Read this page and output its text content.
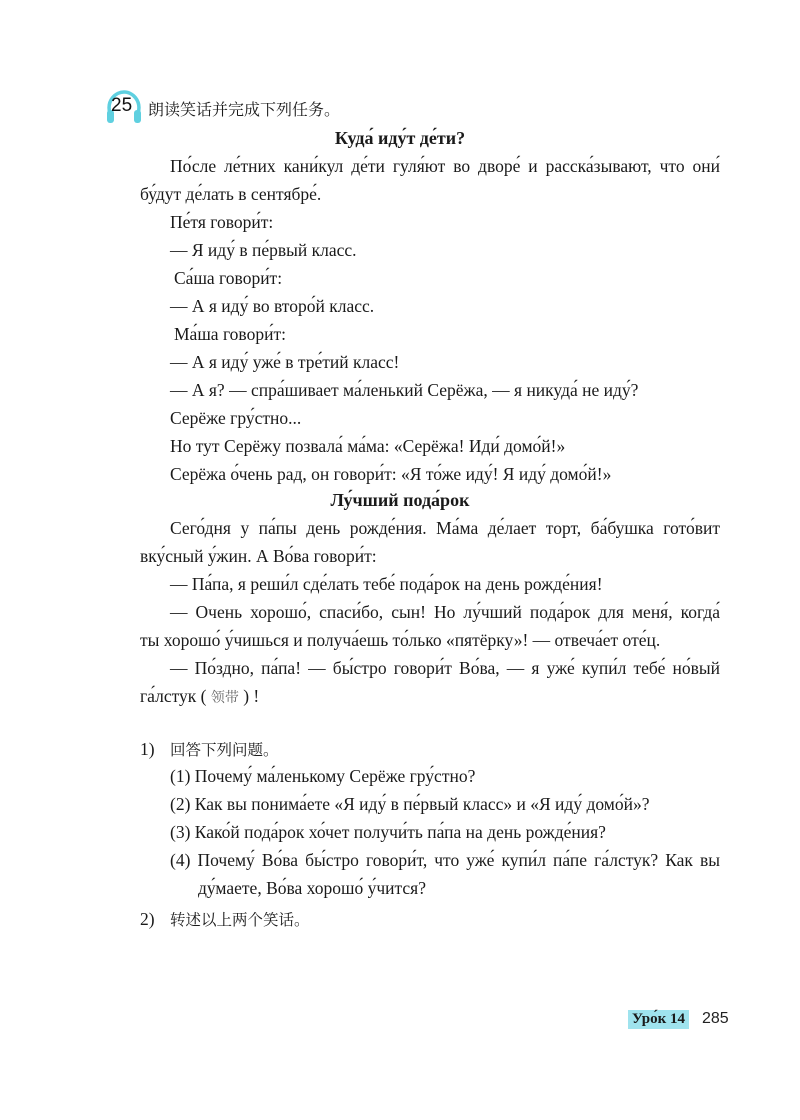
25 朗读笑话并完成下列任务。
Куда́ иду́т де́ти?
По́сле ле́тних кани́кул де́ти гуля́ют во дворе́ и расска́зывают, что они́
бу́дут де́лать в сентябре́.
Пе́тя говори́т:
— Я иду́ в пе́рвый класс.
Са́ша говори́т:
— А я иду́ во второ́й класс.
Ма́ша говори́т:
— А я иду́ уже́ в тре́тий класс!
— А я? — спра́шивает ма́ленький Серёжа, — я никуда́ не иду́?
Серёже гру́стно...
Но тут Серёжу позвала́ ма́ма: «Серёжа! Иди́ домо́й!»
Серёжа о́чень рад, он говори́т: «Я то́же иду́! Я иду́ домо́й!»
Лу́чший пода́рок
Сего́дня у па́пы день рожде́ния. Ма́ма де́лает торт, ба́бушка гото́вит
вку́сный у́жин. А Во́ва говори́т:
— Па́па, я реши́л сде́лать тебе́ пода́рок на день рожде́ния!
— Очень хорошо́, спаси́бо, сын! Но лу́чший пода́рок для меня́, когда́
ты хорошо́ у́чишься и получа́ешь то́лько «пятёрку»! — отвеча́ет оте́ц.
— По́здно, па́па! — бы́стро говори́т Во́ва, — я уже́ купи́л тебе́ но́вый
га́лстук ( 领带 ) !
1) 回答下列问题。
(1) Почему́ ма́ленькому Серёже гру́стно?
(2) Как вы понима́ете «Я иду́ в пе́рвый класс» и «Я иду́ домо́й»?
(3) Како́й пода́рок хо́чет получи́ть па́па на день рожде́ния?
(4) Почему́ Во́ва бы́стро говори́т, что уже́ купи́л па́пе га́лстук? Как вы
ду́маете, Во́ва хорошо́ у́чится?
2) 转述以上两个笑话。
Уро́к 14 285
